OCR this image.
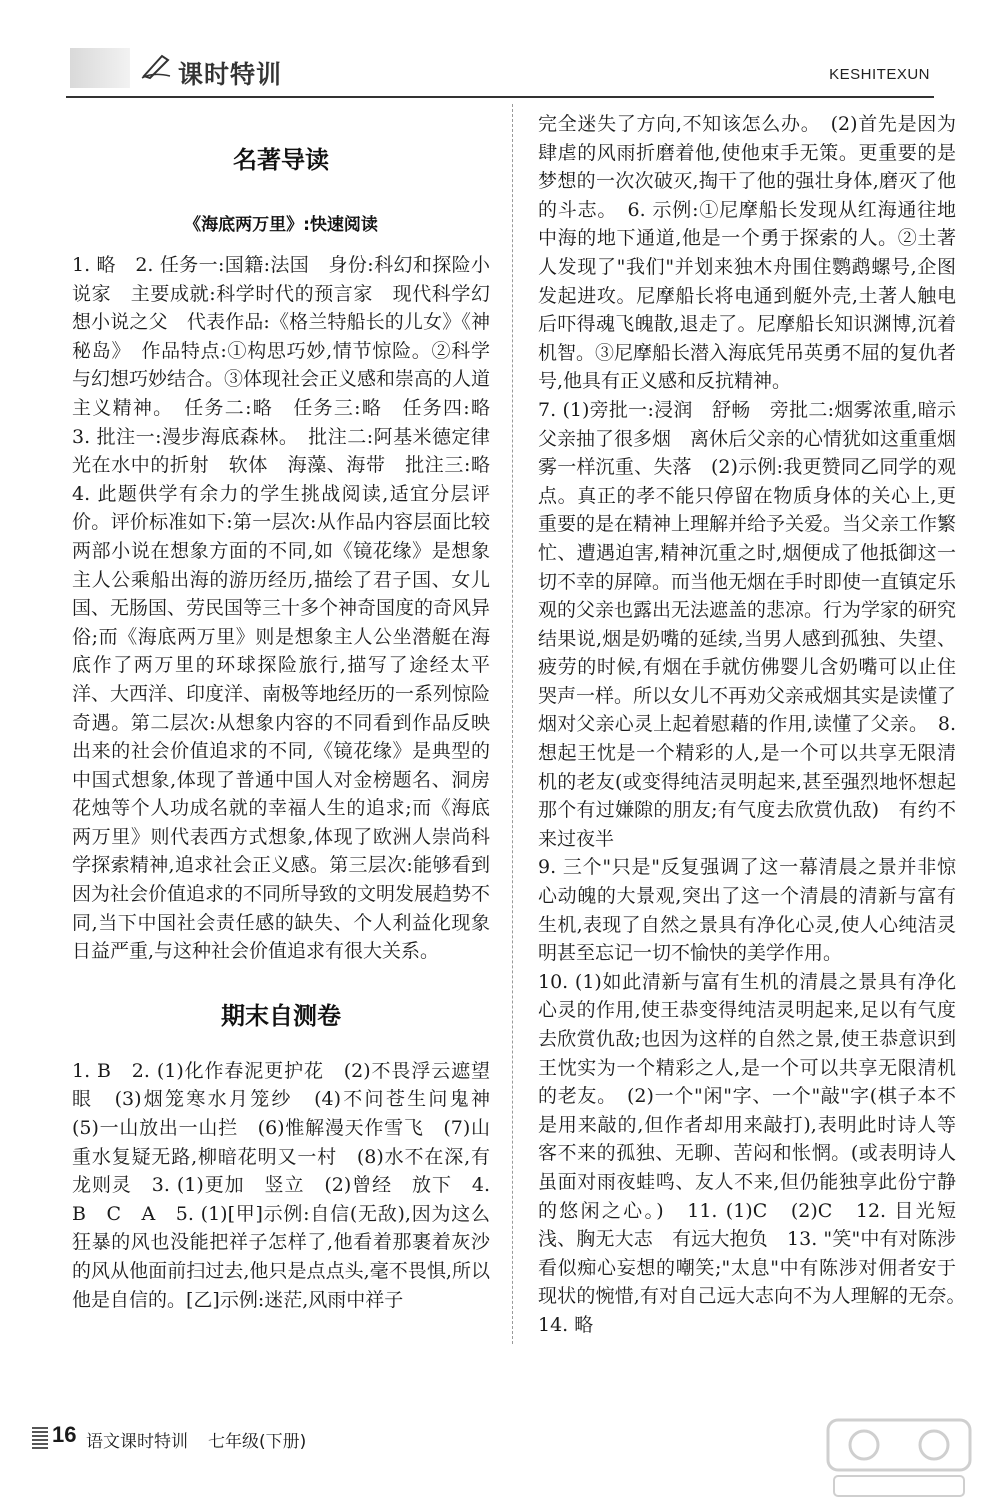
课时特训	KESHITEXUN
名著导读
《海底两万里》:快速阅读

1. 略　2. 任务一:国籍:法国　身份:科幻和探险小说家　主要成就:科学时代的预言家　现代科学幻想小说之父　代表作品:《格兰特船长的儿女》《神秘岛》　作品特点:①构思巧妙,情节惊险。②科学与幻想巧妙结合。③体现社会正义感和崇高的人道主义精神。　任务二:略　任务三:略　任务四:略　3. 批注一:漫步海底森林。　批注二:阿基米德定律　光在水中的折射　软体　海藻、海带　批注三:略　4. 此题供学有余力的学生挑战阅读,适宜分层评价。评价标准如下:第一层次:从作品内容层面比较两部小说在想象方面的不同,如《镜花缘》是想象主人公乘船出海的游历经历,描绘了君子国、女儿国、无肠国、劳民国等三十多个神奇国度的奇风异俗;而《海底两万里》则是想象主人公坐潜艇在海底作了两万里的环球探险旅行,描写了途经太平洋、大西洋、印度洋、南极等地经历的一系列惊险奇遇。第二层次:从想象内容的不同看到作品反映出来的社会价值追求的不同,《镜花缘》是典型的中国式想象,体现了普通中国人对金榜题名、洞房花烛等个人功成名就的幸福人生的追求;而《海底两万里》则代表西方式想象,体现了欧洲人崇尚科学探索精神,追求社会正义感。第三层次:能够看到因为社会价值追求的不同所导致的文明发展趋势不同,当下中国社会责任感的缺失、个人利益化现象日益严重,与这种社会价值追求有很大关系。

期末自测卷

1. B　2. (1)化作春泥更护花　(2)不畏浮云遮望眼　(3)烟笼寒水月笼纱　(4)不问苍生问鬼神　(5)一山放出一山拦　(6)惟解漫天作雪飞　(7)山重水复疑无路,柳暗花明又一村　(8)水不在深,有龙则灵　3. (1)更加　竖立　(2)曾经　放下　4. B　C　A　5. (1)[甲]示例:自信(无敌),因为这么狂暴的风也没能把祥子怎样了,他看着那裹着灰沙的风从他面前扫过去,他只是点点头,毫不畏惧,所以他是自信的。[乙]示例:迷茫,风雨中祥子

完全迷失了方向,不知该怎么办。　(2)首先是因为肆虐的风雨折磨着他,使他束手无策。更重要的是梦想的一次次破灭,掏干了他的强壮身体,磨灭了他的斗志。　6. 示例:①尼摩船长发现从红海通往地中海的地下通道,他是一个勇于探索的人。②土著人发现了"我们"并划来独木舟围住鹦鹉螺号,企图发起进攻。尼摩船长将电通到艇外壳,土著人触电后吓得魂飞魄散,退走了。尼摩船长知识渊博,沉着机智。③尼摩船长潜入海底凭吊英勇不屈的复仇者号,他具有正义感和反抗精神。

7. (1)旁批一:浸润　舒畅　旁批二:烟雾浓重,暗示父亲抽了很多烟　离休后父亲的心情犹如这重重烟雾一样沉重、失落　(2)示例:我更赞同乙同学的观点。真正的孝不能只停留在物质身体的关心上,更重要的是在精神上理解并给予关爱。当父亲工作繁忙、遭遇迫害,精神沉重之时,烟便成了他抵御这一切不幸的屏障。而当他无烟在手时即使一直镇定乐观的父亲也露出无法遮盖的悲凉。行为学家的研究结果说,烟是奶嘴的延续,当男人感到孤独、失望、疲劳的时候,有烟在手就仿佛婴儿含奶嘴可以止住哭声一样。所以女儿不再劝父亲戒烟其实是读懂了烟对父亲心灵上起着慰藉的作用,读懂了父亲。　8. 想起王忱是一个精彩的人,是一个可以共享无限清机的老友(或变得纯洁灵明起来,甚至强烈地怀想起那个有过嫌隙的朋友;有气度去欣赏仇敌)　有约不来过夜半

9. 三个"只是"反复强调了这一幕清晨之景并非惊心动魄的大景观,突出了这一个清晨的清新与富有生机,表现了自然之景具有净化心灵,使人心纯洁灵明甚至忘记一切不愉快的美学作用。

10. (1)如此清新与富有生机的清晨之景具有净化心灵的作用,使王恭变得纯洁灵明起来,足以有气度去欣赏仇敌;也因为这样的自然之景,使王恭意识到王忱实为一个精彩之人,是一个可以共享无限清机的老友。　(2)一个"闲"字、一个"敲"字(棋子本不是用来敲的,但作者却用来敲打),表明此时诗人等客不来的孤独、无聊、苦闷和怅惘。(或表明诗人虽面对雨夜蛙鸣、友人不来,但仍能独享此份宁静的悠闲之心。)　11. (1)C　(2)C　12. 目光短浅、胸无大志　有远大抱负　13. "笑"中有对陈涉看似痴心妄想的嘲笑;"太息"中有陈涉对佣者安于现状的惋惜,有对自己远大志向不为人理解的无奈。　14. 略

16 语文课时特训 七年级(下册)
